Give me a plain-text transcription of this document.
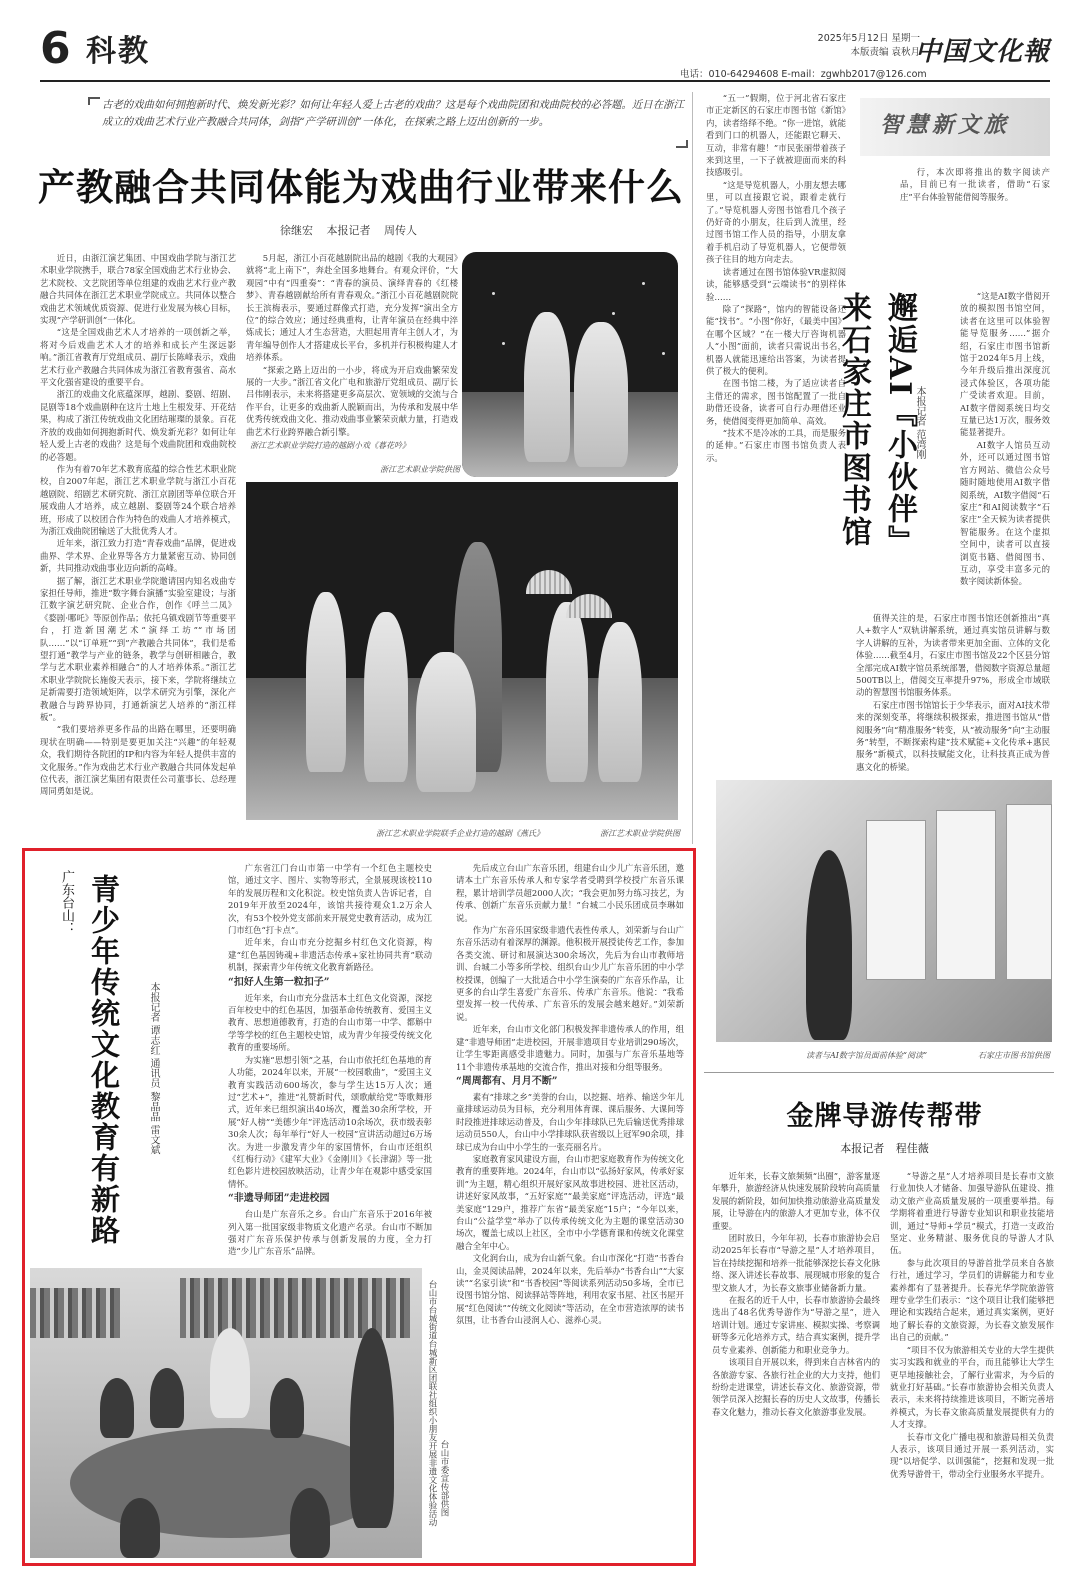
6 科教	2025年5月12日 星期一
本版责编 袁秋月
电话：010-64294608 E-mail：zgwhb2017@126.com
中国文化報
古老的戏曲如何拥抱新时代、焕发新光彩？如何让年轻人爱上古老的戏曲？这是每个戏曲院团和戏曲院校的必答题。近日在浙江成立的戏曲艺术行业产教融合共同体，剑指“产学研训创”一体化，在探索之路上迈出创新的一步。
产教融合共同体能为戏曲行业带来什么
徐继宏 本报记者 周传人

近日，由浙江演艺集团、中国戏曲学院与浙江艺术职业学院携手，联合78家全国戏曲艺术行业协会、艺术院校、文艺院团等单位组建的戏曲艺术行业产教融合共同体在浙江艺术职业学院成立。共同体以整合戏曲艺术领域优质资源、促进行业发展为核心目标，实现“产学研训创”一体化。

“这是全国戏曲艺术人才培养的一项创新之举，将对今后戏曲艺术人才的培养和成长产生深远影响。”浙江省教育厅党组成员、副厅长陈峰表示，戏曲艺术行业产教融合共同体成为浙江省教育强省、高水平文化强省建设的重要平台。

浙江的戏曲文化底蕴深厚，越剧、婺剧、绍剧、昆剧等18个戏曲剧种在这片土地上生根发芽、开花结果，构成了浙江传统戏曲文化团结璀璨的景象。百花齐放的戏曲如何拥抱新时代、焕发新光彩？如何让年轻人爱上古老的戏曲？这是每个戏曲院团和戏曲院校的必答题。

作为有着70年艺术教育底蕴的综合性艺术职业院校，自2007年起，浙江艺术职业学院与浙江小百花越剧院、绍剧艺术研究院、浙江京剧团等单位联合开展戏曲人才培养，成立越剧、婺剧等24个联合培养班，形成了以校团合作为特色的戏曲人才培养模式，为浙江戏曲院团输送了大批优秀人才。

近年来，浙江致力打造“青春戏曲”品牌，促进戏曲界、学术界、企业界等各方力量紧密互动、协同创新，共同推动戏曲事业迈向新的高峰。

据了解，浙江艺术职业学院邀请国内知名戏曲专家担任导师，推进“数字舞台演播”实验室建设；与浙江数字演艺研究院、企业合作，创作《呼兰二凤》《婺剧·哪吒》等原创作品；依托乌镇戏剧节等重要平台，打造新国潮艺术“演绎工坊”“市场团队……”以“订单班”“到”产教融合共同体”，我们是希望打通“教学与产业的链条，教学与创研相融合，教学与艺术职业素养相融合”的人才培养体系。”浙江艺术职业学院院长施俊天表示，接下来，学院将继续立足新需要打造领域矩阵，以学术研究为引擎，深化产教融合与跨界协同，打通新演艺人培养的“浙江样板”。

“我们要培养更多作品的出路在哪里，还要明确现状在明确——特别是要更加关注“兴趣”的年轻观众，我们期待各院团的IP和内容为年轻人提供丰富的文化服务。”作为戏曲艺术行业产教融合共同体发起单位代表，浙江演艺集团有限责任公司董事长、总经理周同勇如是说。

5月起，浙江小百花越剧院出品的越剧《我的大观园》就将“北上南下”，奔赴全国多地舞台。有观众评价，“大观园”中有“四重奏”：“青春的演员、演绎青春的《红楼梦》、青春越剧献给所有青春观众。”浙江小百花越剧院院长王滨梅表示，要通过群像式打造，充分发挥“演出全方位”的综合效应；通过经典重构，让青年演员在经典中淬炼成长；通过人才生态营造，大胆起用青年主创人才，为青年编导创作人才搭建成长平台，多机并行积极构建人才培养体系。

“探索之路上迈出的一小步，将成为开启戏曲繁荣发展的一大步。”浙江省文化广电和旅游厅党组成员、副厅长吕伟刚表示，未来将搭建更多高层次、宽领域的交流与合作平台，让更多的戏曲新人脱颖而出，为传承和发展中华优秀传统戏曲文化、推动戏曲事业繁荣贡献力量，打造戏曲艺术行业跨界融合新引擎。

浙江艺术职业学院打造的越剧小戏《暮花吟》
浙江艺术职业学院供图
浙江艺术职业学院联手企业打造的越剧《燕氏》	浙江艺术职业学院供图
广东台山： 青少年传统文化教育有新路	本报记者 谭志红 通讯员 黎晶晶 雷文斌

广东省江门台山市第一中学有一个红色主题校史馆，通过文字、图片、实物等形式，全景展现该校110年的发展历程和文化积淀。校史馆负责人告诉记者，自2019年开放至2024年，该馆共接待观众1.2万余人次，有53个校外党支部前来开展党史教育活动，成为江门市红色“打卡点”。

近年来，台山市充分挖掘乡村红色文化资源，构建“红色基因铸魂+非遗活态传承+家社协同共育”联动机制，探索青少年传统文化教育新路径。

“扣好人生第一粒扣子”

近年来，台山市充分盘活本土红色文化资源，深挖百年校史中的红色基因，加强革命传统教育、爱国主义教育、思想道德教育，打造的台山市第一中学、都斛中学等学校的红色主题校史馆，成为青少年接受传统文化教育的重要场所。

为实施“思想引领”之基，台山市依托红色基地的育人功能，2024年以来，开展“一校园歌曲”，“爱国主义教育实践活动600场次，参与学生达15万人次；通过“艺术+”，推进“礼赞新时代，颂歌献给党”等歌舞形式，近年来已组织演出40场次，覆盖30余所学校，开展“好人榜”“美德少年”评选活动10余场次，获市级表彰30余人次；每年举行“好人一校园”宣讲活动超过6万场次。为进一步激发青少年的家国情怀，台山市还组织《红梅行动》《建军大业》《金刚川》《长津湖》等一批红色影片进校园放映活动，让青少年在观影中感受家国情怀。

“非遗导师团”走进校园

台山是广东音乐之乡。台山广东音乐于2016年被列入第一批国家级非物质文化遗产名录。台山市不断加强对广东音乐保护传承与创新发展的力度，全力打造“少儿广东音乐”品牌。

先后成立台山广东音乐团，组建台山少儿广东音乐团，邀请本土广东音乐传承人和专家学者受聘到学校授广东音乐课程，累计培训学员超2000人次；“我会更加努力练习技艺，为传承、创新广东音乐贡献力量！”台城二小民乐团成员李琳如说。

作为广东音乐国家级非遗代表性传承人，刘荣新与台山广东音乐活动有着深厚的渊源。他积极开展授徒传艺工作，参加各类交流、研讨和展演达300余场次，先后为台山市教师培训、台城二小等多所学校、组织台山少儿广东音乐团的中小学校授课，创编了一大批适合中小学生演奏的广东音乐作品，让更多的台山学生喜爱广东音乐、传承广东音乐。他说：“我希望发挥一校一代传承、广东音乐的发展会越来越好。”刘荣新说。

近年来，台山市文化部门积极发挥非遗传承人的作用，组建“非遗导师团”走进校园，开展非遗项目专业培训290场次，让学生零距离感受非遗魅力。同时，加强与广东音乐基地等11个非遗传承基地的交流合作，推出对接和分组等服务。

“周周都有、月月不断”

素有“排球之乡”美誉的台山，以挖掘、培养、输送少年儿童排球运动员为目标，充分利用体育课、课后服务、大课间等时段推进排球运动普及，台山少年排球队已先后输送优秀排球运动员550人，台山中小学排球队获省级以上冠军90余项，排球已成为台山中小学生的一张亮丽名片。

家庭教育家风建设方面，台山市把家庭教育作为传统文化教育的重要阵地。2024年，台山市以“弘扬好家风，传承好家训”为主题，精心组织开展好家风故事进校园、进社区活动，讲述好家风故事，“五好家庭”“最美家庭”评选活动，评选“最美家庭”129户，推荐广东省“最美家庭”15户；“今年以来，台山“公益学堂”举办了以传承传统文化为主题的课堂活动30场次，覆盖七成以上社区，全市中小学德育课和传统文化课堂融合全年中心。

文化润台山，成为台山新气象。台山市深化“打造”书香台山，金灵阅读品牌，2024年以来，先后举办“书香台山”“大家读”“名家引读”和“书香校园”等阅读系列活动50多场，全市已设图书馆分馆、阅读驿站等阵地，利用农家书屋、社区书屋开展“红色阅读”“传统文化阅读”等活动，在全市营造浓厚的读书氛围，让书香台山浸润人心、滋养心灵。

台山市台城街道台城新区团联社组织小朋友开展非遗文化体验活动 台山市委宣传部供图
智慧新文旅

“五一”假期，位于河北省石家庄市正定新区的石家庄市图书馆《新馆》内，读者络绎不绝。“你一进馆，就能看到门口的机器人，还能跟它聊天、互动，非常有趣！”市民张丽带着孩子来到这里，一下子就被迎面而来的科技感吸引。

“这是导览机器人，小朋友想去哪里，可以直接跟它说，跟着走就行了。”导览机器人旁图书馆看几个孩子仍好奇的小朋友，往后到人流里，经过图书馆工作人员的指导，小朋友拿着手机启动了导览机器人，它便带领孩子往目的地方向走去。

读者通过在图书馆体验VR虚拟阅读，能够感受到“云端读书”的别样体验……

除了“探路”，馆内的智能设备还能“找书”。“小图”你好，《最美中国》在哪个区域？”在一楼大厅咨询机器人“小图”面前，读者只需说出书名，机器人就能迅速给出答案，为读者提供了极大的便利。

在图书馆二楼，为了适应读者自主借还的需求，图书馆配置了一批自助借还设备，读者可自行办理借还业务，使借阅变得更加简单、高效。

“技术不是冷冰的工具，而是服务的延伸。”石家庄市图书馆负责人表示。	邂逅AI『小伙伴』
来石家庄市图书馆	本报记者 范湾刚

行，本次即将推出的数字阅读产品，目前已有一批读者，借助“石家庄”平台体验智能借阅等服务。

“这是AI数字借阅开放的模拟图书馆空间，读者在这里可以体验智能导览服务……”据介绍，石家庄市图书馆新馆于2024年5月上线，今年升级后推出深度沉浸式体验区，各项功能广受读者欢迎。目前，AI数字借阅系统日均交互量已达1万次，服务效能显著提升。

AI数字人馆员互动外，还可以通过图书馆官方网站、微信公众号随时随地使用AI数字借阅系统，AI数字借阅“石家庄”和AI阅读数字“石家庄”全天候为读者提供智能服务。在这个虚拟空间中，读者可以直接浏览书籍、借阅图书、互动，享受丰富多元的数字阅读新体验。

值得关注的是，石家庄市图书馆还创新推出“真人+数字人”双轨讲解系统，通过真实馆员讲解与数字人讲解的互补，为读者带来更加全面、立体的文化体验……截至4月，石家庄市图书馆及22个区县分馆全部完成AI数字馆员系统部署，借阅数字资源总量超500TB以上，借阅交互率提升97%，形成全市域联动的智慧图书馆服务体系。

石家庄市图书馆馆长于少华表示，面对AI技术带来的深刻变革，将继续积极探索，推进图书馆从“借阅服务”向“精准服务”转变，从“被动服务”向“主动服务”转型，不断探索构建“技术赋能+文化传承+惠民服务”新模式，以科技赋能文化，让科技真正成为普惠文化的桥梁。

读者与AI数字馆员面前体验“阅读”	石家庄市图书馆供图
金牌导游传帮带
本报记者 程佳薇

近年来，长春文旅频频“出圈”，游客量逐年攀升，旅游经济从快速发展阶段转向高质量发展的新阶段，如何加快推动旅游业高质量发展，让导游在内的旅游人才更加专业，体不仅重要。

团时放日，今年年初，长春市旅游协会启动2025年长春市“导游之星”人才培养项目，旨在持续挖掘和培养一批能够深挖长春文化脉络、深入讲述长春故事、展现城市形象的复合型文旅人才，为长春文旅事业储备新力量。

在报名的近千人中，长春市旅游协会最终选出了48名优秀导游作为“导游之星”，进入培训计划。通过专家讲座、模拟实操、考察调研等多元化培养方式，结合真实案例，提升学员专业素养、创新能力和职业竞争力。

该项目自开展以来，得到来自吉林省内的各旅游专家、各旅行社企业的大力支持，他们纷纷走进课堂，讲述长春文化、旅游资源，带领学员深入挖掘长春的历史人文故事，传播长春文化魅力，推动长春文化旅游事业发展。

“导游之星”人才培养项目是长春市文旅行业加快人才储备、加强导游队伍建设、推动文旅产业高质量发展的一项重要举措。每学期将着重进行导游专业知识和职业技能培训，通过“导师+学员”模式，打造一支政治坚定、业务精湛、服务优良的导游人才队伍。

参与此次项目的导游首批学员来自各旅行社，通过学习，学员们的讲解能力和专业素养都有了显著提升。长春光华学院旅游管理专业学生们表示：“这个项目让我们能够把理论和实践结合起来，通过真实案例，更好地了解长春的文旅资源，为长春文旅发展作出自己的贡献。”

“项目不仅为旅游相关专业的大学生提供实习实践和就业的平台，而且能够让大学生更早地接触社会，了解行业需求，为今后的就业打好基础。”长春市旅游协会相关负责人表示，未来将持续推进该项目，不断完善培养模式，为长春文旅高质量发展提供有力的人才支撑。

长春市文化广播电视和旅游局相关负责人表示，该项目通过开展一系列活动，实现“以培促学、以训强能”，挖掘和发现一批优秀导游骨干，带动全行业服务水平提升。
